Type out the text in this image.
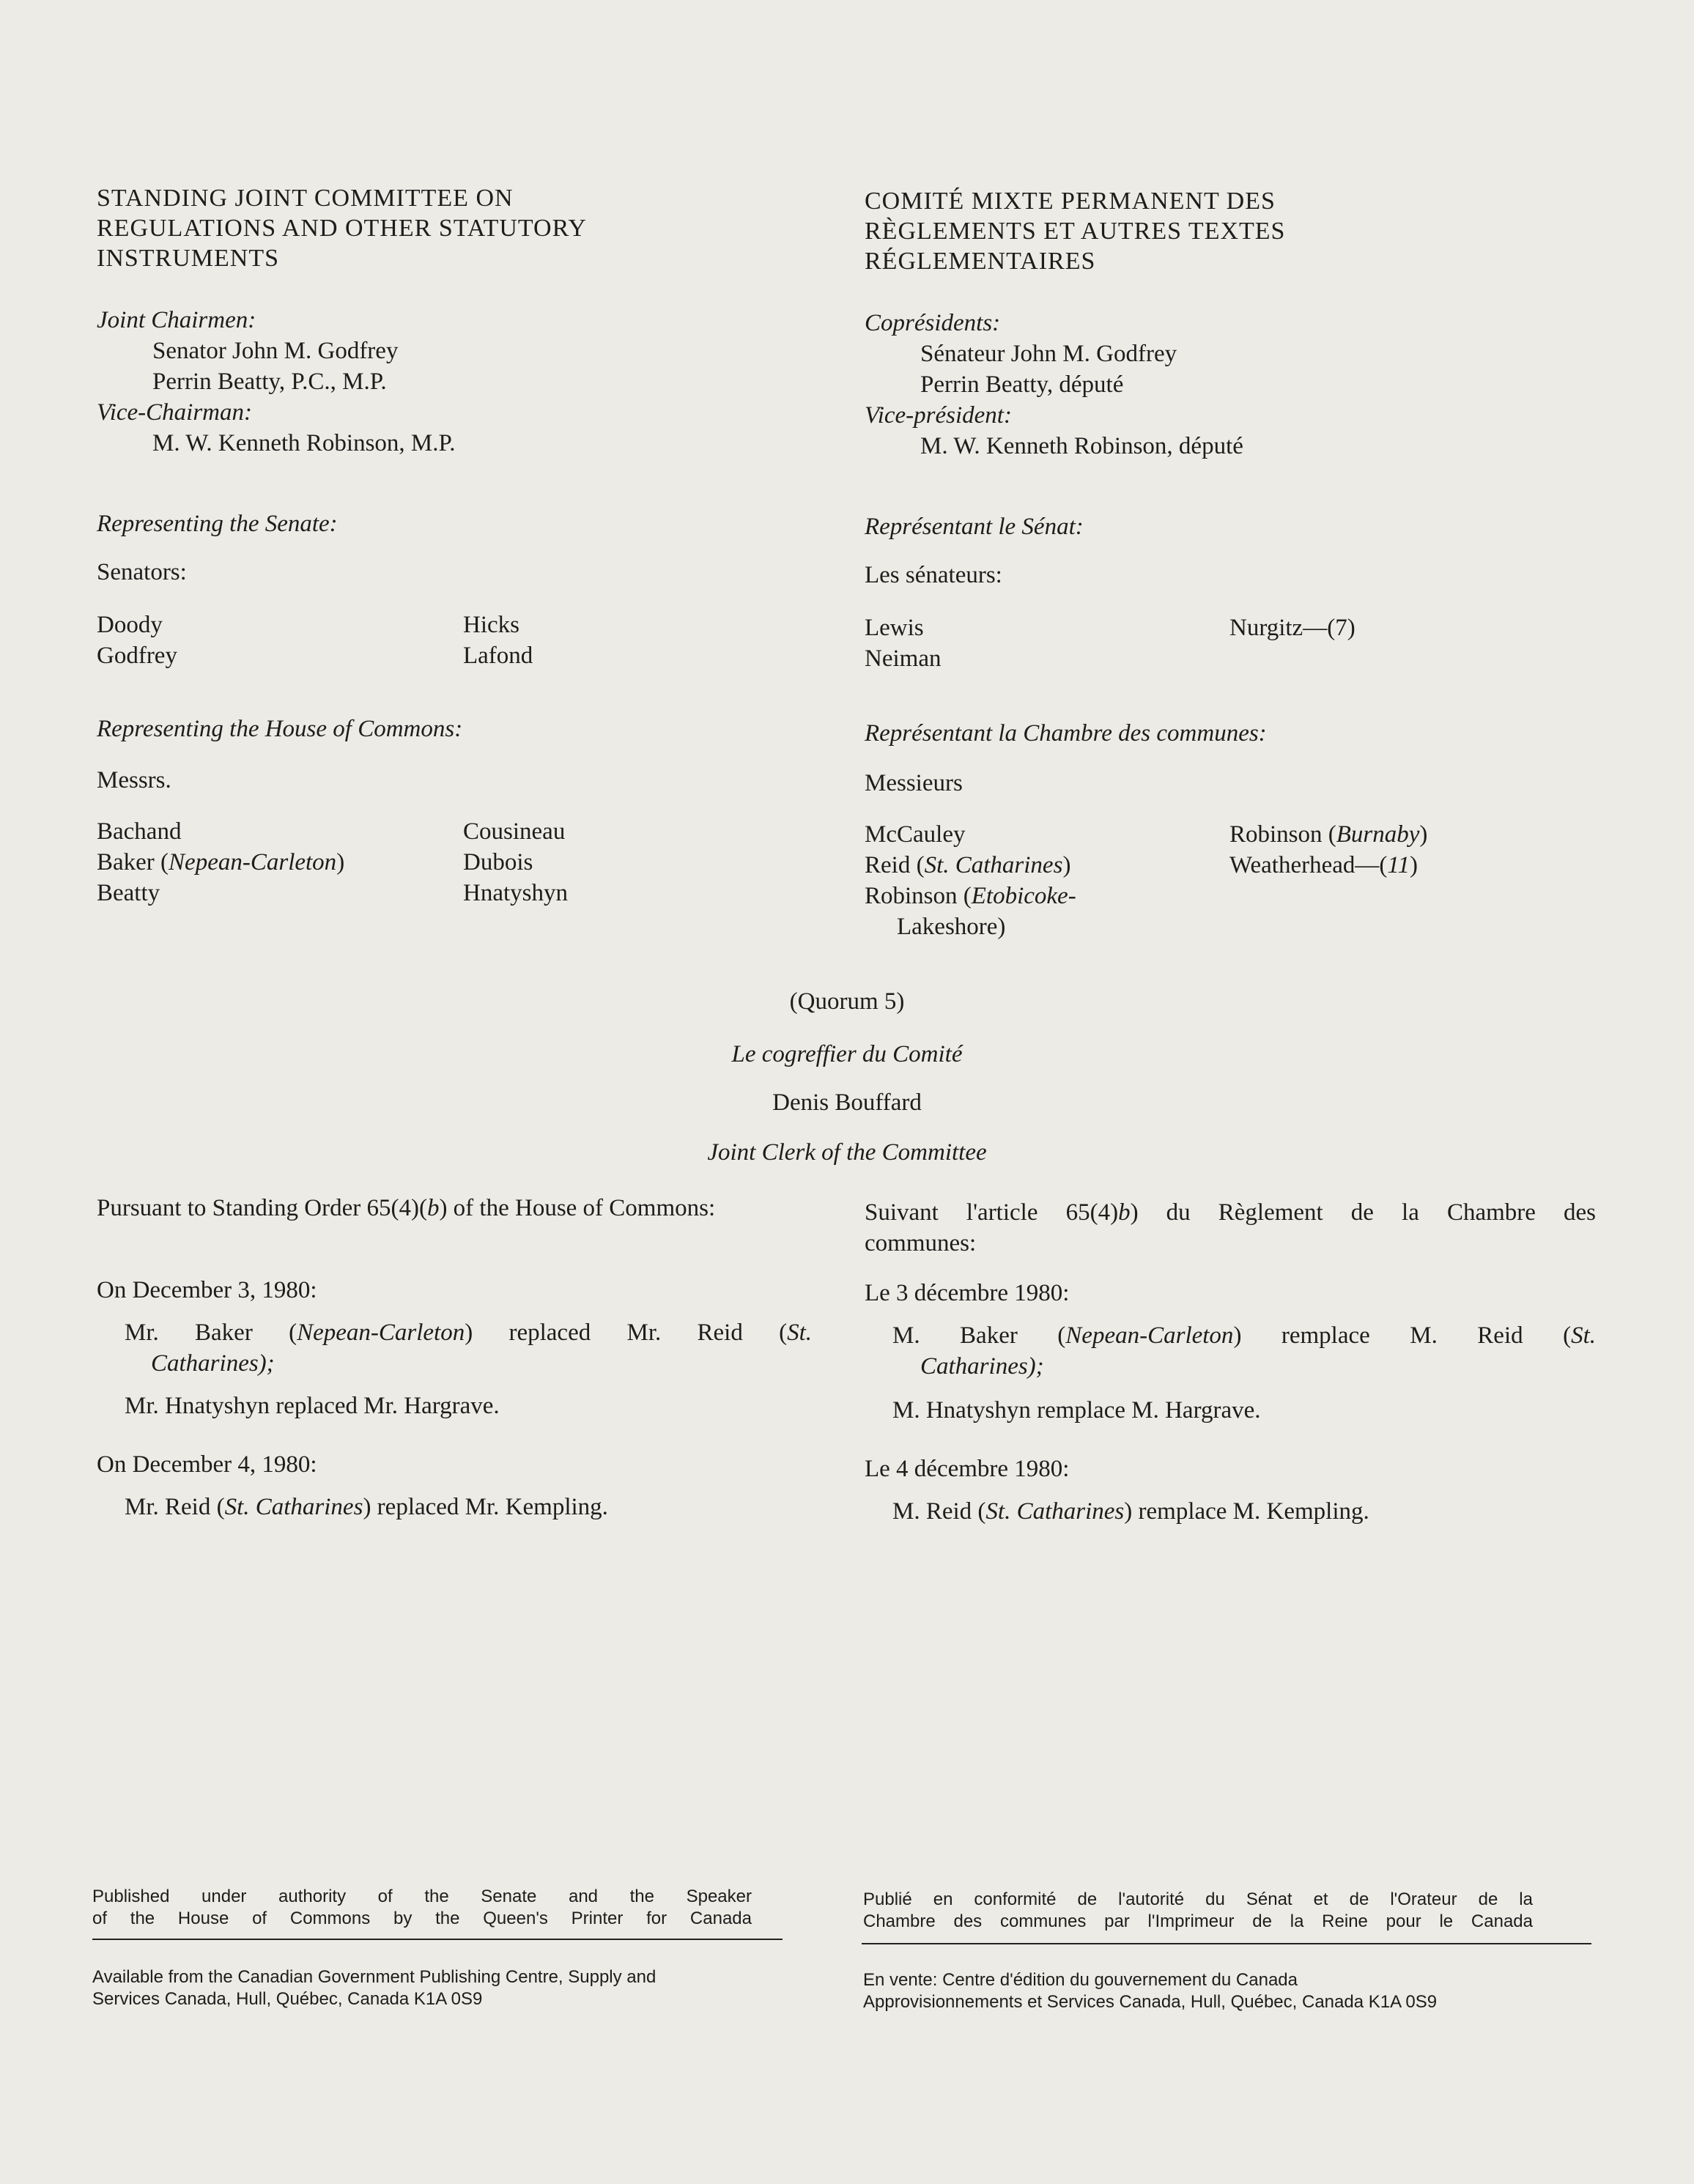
STANDING JOINT COMMITTEE ON
REGULATIONS AND OTHER STATUTORY
INSTRUMENTS
Joint Chairmen:
Senator John M. Godfrey
Perrin Beatty, P.C., M.P.
Vice-Chairman:
M. W. Kenneth Robinson, M.P.
Representing the Senate:
Senators:
Doody
Godfrey
Hicks
Lafond
Representing the House of Commons:
Messrs.
Bachand
Baker (Nepean-Carleton)
Beatty
Cousineau
Dubois
Hnatyshyn
COMITÉ MIXTE PERMANENT DES
RÈGLEMENTS ET AUTRES TEXTES
RÉGLEMENTAIRES
Coprésidents:
Sénateur John M. Godfrey
Perrin Beatty, député
Vice-président:
M. W. Kenneth Robinson, député
Représentant le Sénat:
Les sénateurs:
Lewis
Neiman
Nurgitz—(7)
Représentant la Chambre des communes:
Messieurs
McCauley
Reid (St. Catharines)
Robinson (Etobicoke-
Lakeshore)
Robinson (Burnaby)
Weatherhead—(11)
(Quorum 5)
Le cogreffier du Comité
Denis Bouffard
Joint Clerk of the Committee
Pursuant to Standing Order 65(4)(b) of the House of Commons:
On December 3, 1980:
Mr. Baker (Nepean-Carleton) replaced Mr. Reid (St.
Catharines);
Mr. Hnatyshyn replaced Mr. Hargrave.
On December 4, 1980:
Mr. Reid (St. Catharines) replaced Mr. Kempling.
Suivant l'article 65(4)b) du Règlement de la Chambre des
communes:
Le 3 décembre 1980:
M. Baker (Nepean-Carleton) remplace M. Reid (St.
Catharines);
M. Hnatyshyn remplace M. Hargrave.
Le 4 décembre 1980:
M. Reid (St. Catharines) remplace M. Kempling.
Published under authority of the Senate and the Speaker
of the House of Commons by the Queen's Printer for Canada
Available from the Canadian Government Publishing Centre, Supply and
Services Canada, Hull, Québec, Canada K1A 0S9
Publié en conformité de l'autorité du Sénat et de l'Orateur de la
Chambre des communes par l'Imprimeur de la Reine pour le Canada
En vente: Centre d'édition du gouvernement du Canada
Approvisionnements et Services Canada, Hull, Québec, Canada K1A 0S9
